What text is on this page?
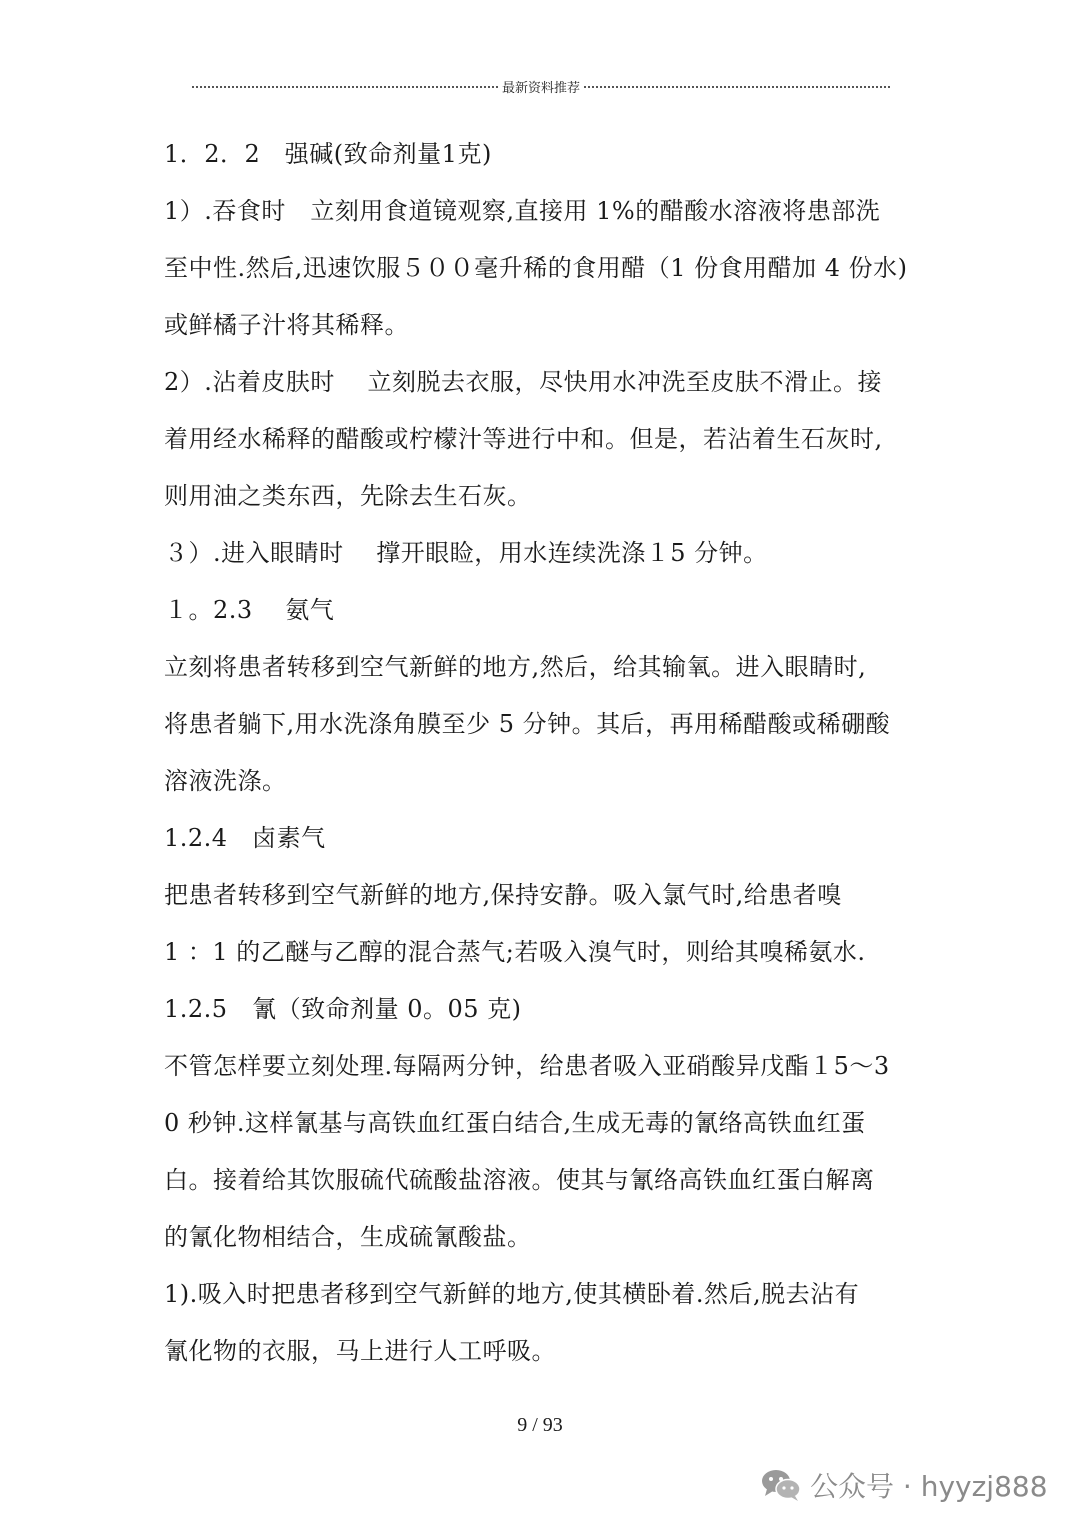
最新资料推荐
1．2．2　强碱(致命剂量1克)
1）.吞食时　立刻用食道镜观察,直接用 1%的醋酸水溶液将患部洗
至中性.然后,迅速饮服５００毫升稀的食用醋（1 份食用醋加 4 份水)
或鲜橘子汁将其稀释。
2）.沾着皮肤时　 立刻脱去衣服，尽快用水冲洗至皮肤不滑止。接
着用经水稀释的醋酸或柠檬汁等进行中和。但是，若沾着生石灰时,
则用油之类东西，先除去生石灰。
３）.进入眼睛时　 撑开眼睑，用水连续洗涤１5 分钟。
１。2.3　 氨气
立刻将患者转移到空气新鲜的地方,然后，给其输氧。进入眼睛时,
将患者躺下,用水洗涤角膜至少 5 分钟。其后，再用稀醋酸或稀硼酸
溶液洗涤。
1.2.4　卤素气
把患者转移到空气新鲜的地方,保持安静。吸入氯气时,给患者嗅
1 ：1 的乙醚与乙醇的混合蒸气;若吸入溴气时，则给其嗅稀氨水.
1.2.5　氰（致命剂量 0。05 克)
不管怎样要立刻处理.每隔两分钟，给患者吸入亚硝酸异戊酯１5～3
0 秒钟.这样氰基与高铁血红蛋白结合,生成无毒的氰络高铁血红蛋
白。接着给其饮服硫代硫酸盐溶液。使其与氰络高铁血红蛋白解离
的氰化物相结合，生成硫氰酸盐。
1).吸入时把患者移到空气新鲜的地方,使其横卧着.然后,脱去沾有
氰化物的衣服，马上进行人工呼吸。
9 / 93
公众号 · hyyzj888
